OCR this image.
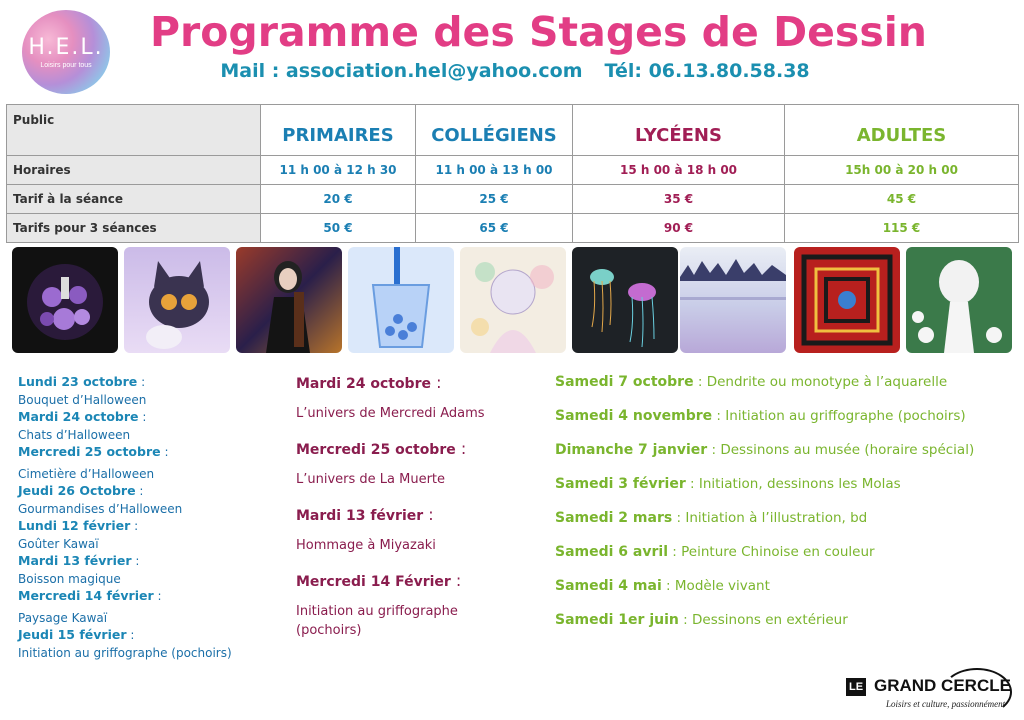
H.E.L.
Loisirs pour tous
Programme des Stages de Dessin
Mail : association.hel@yahoo.com Tél: 06.13.80.58.38
Public	PRIMAIRES	COLLÉGIENS	LYCÉENS	ADULTES
Horaires	11 h 00 à 12 h 30	11 h 00 à 13 h 00	15 h 00 à 18 h 00	15h 00 à 20 h 00
Tarif à la séance	20 €	25 €	35 €	45 €
Tarifs pour 3 séances	50 €	65 €	90 €	115 €
Lundi 23 octobre :
Bouquet d’Halloween
Mardi 24 octobre :
Chats d’Halloween
Mercredi 25 octobre :
Cimetière d’Halloween
Jeudi 26 Octobre :
Gourmandises d’Halloween
Lundi 12 février :
Goûter Kawaï
Mardi 13 février :
Boisson magique
Mercredi 14 février :
Paysage Kawaï
Jeudi 15 février :
Initiation au griffographe (pochoirs)
Mardi 24 octobre :
L’univers de Mercredi Adams
Mercredi 25 octobre :
L’univers de La Muerte
Mardi 13 février :
Hommage à Miyazaki
Mercredi 14 Février :
Initiation au griffographe (pochoirs)
Samedi 7 octobre : Dendrite ou monotype à l’aquarelle
Samedi 4 novembre : Initiation au griffographe (pochoirs)
Dimanche 7 janvier : Dessinons au musée (horaire spécial)
Samedi 3 février : Initiation, dessinons les Molas
Samedi 2 mars : Initiation à l’illustration, bd
Samedi 6 avril : Peinture Chinoise en couleur
Samedi 4 mai : Modèle vivant
Samedi 1er juin : Dessinons en extérieur
LE GRAND CERCLE
Loisirs et culture, passionnément
